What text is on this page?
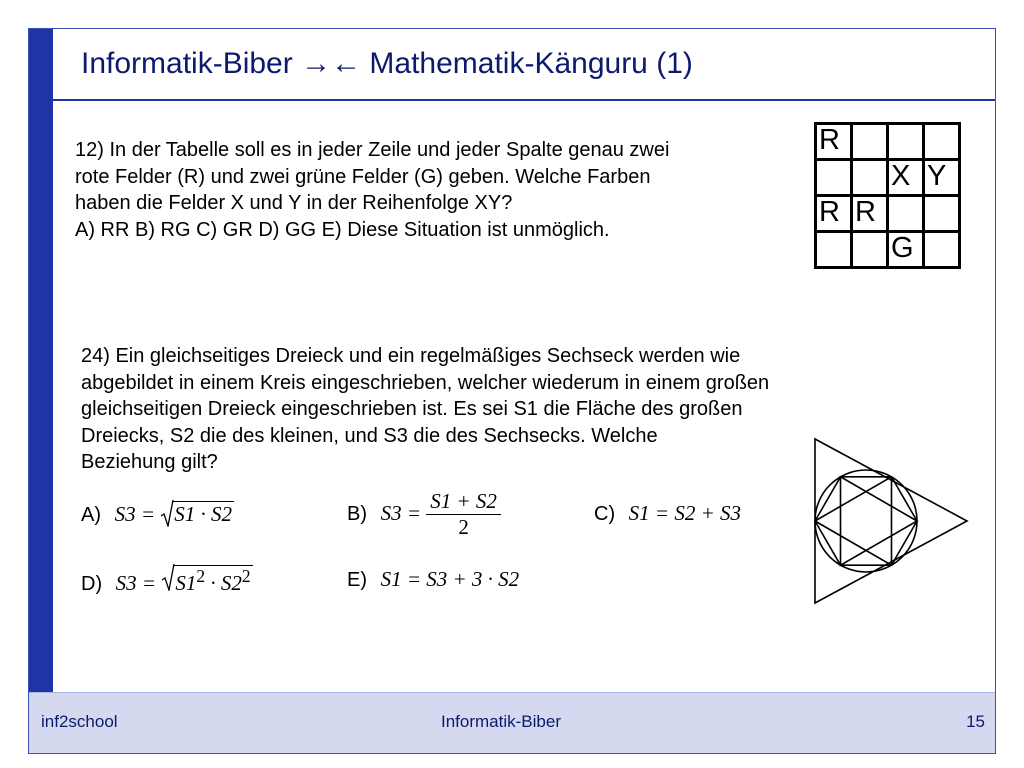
Informatik-Biber →← Mathematik-Känguru (1)
12) In der Tabelle soll es in jeder Zeile und jeder Spalte genau zwei
rote Felder (R) und zwei grüne Felder (G) geben. Welche Farben
haben die Felder X und Y in der Reihenfolge XY?
A) RR B) RG C) GR D) GG E) Diese Situation ist unmöglich.
R			

		X	Y

R	R		

		G	

24) Ein gleichseitiges Dreieck und ein regelmäßiges Sechseck werden wie
abgebildet in einem Kreis eingeschrieben, welcher wiederum in einem großen
gleichseitigen Dreieck eingeschrieben ist. Es sei S1 die Fläche des großen
Dreiecks, S2 die des kleinen, und S3 die des Sechsecks. Welche
Beziehung gilt?
A) S3 = S1 · S2	B) $S3 = \frac{S1 + S2}{2}$	C) S1 = S2 + S3
D) $S3 = S1^2 \cdot S2^2$	E) S1 = S3 + 3 · S2
inf2school	Informatik-Biber	15
